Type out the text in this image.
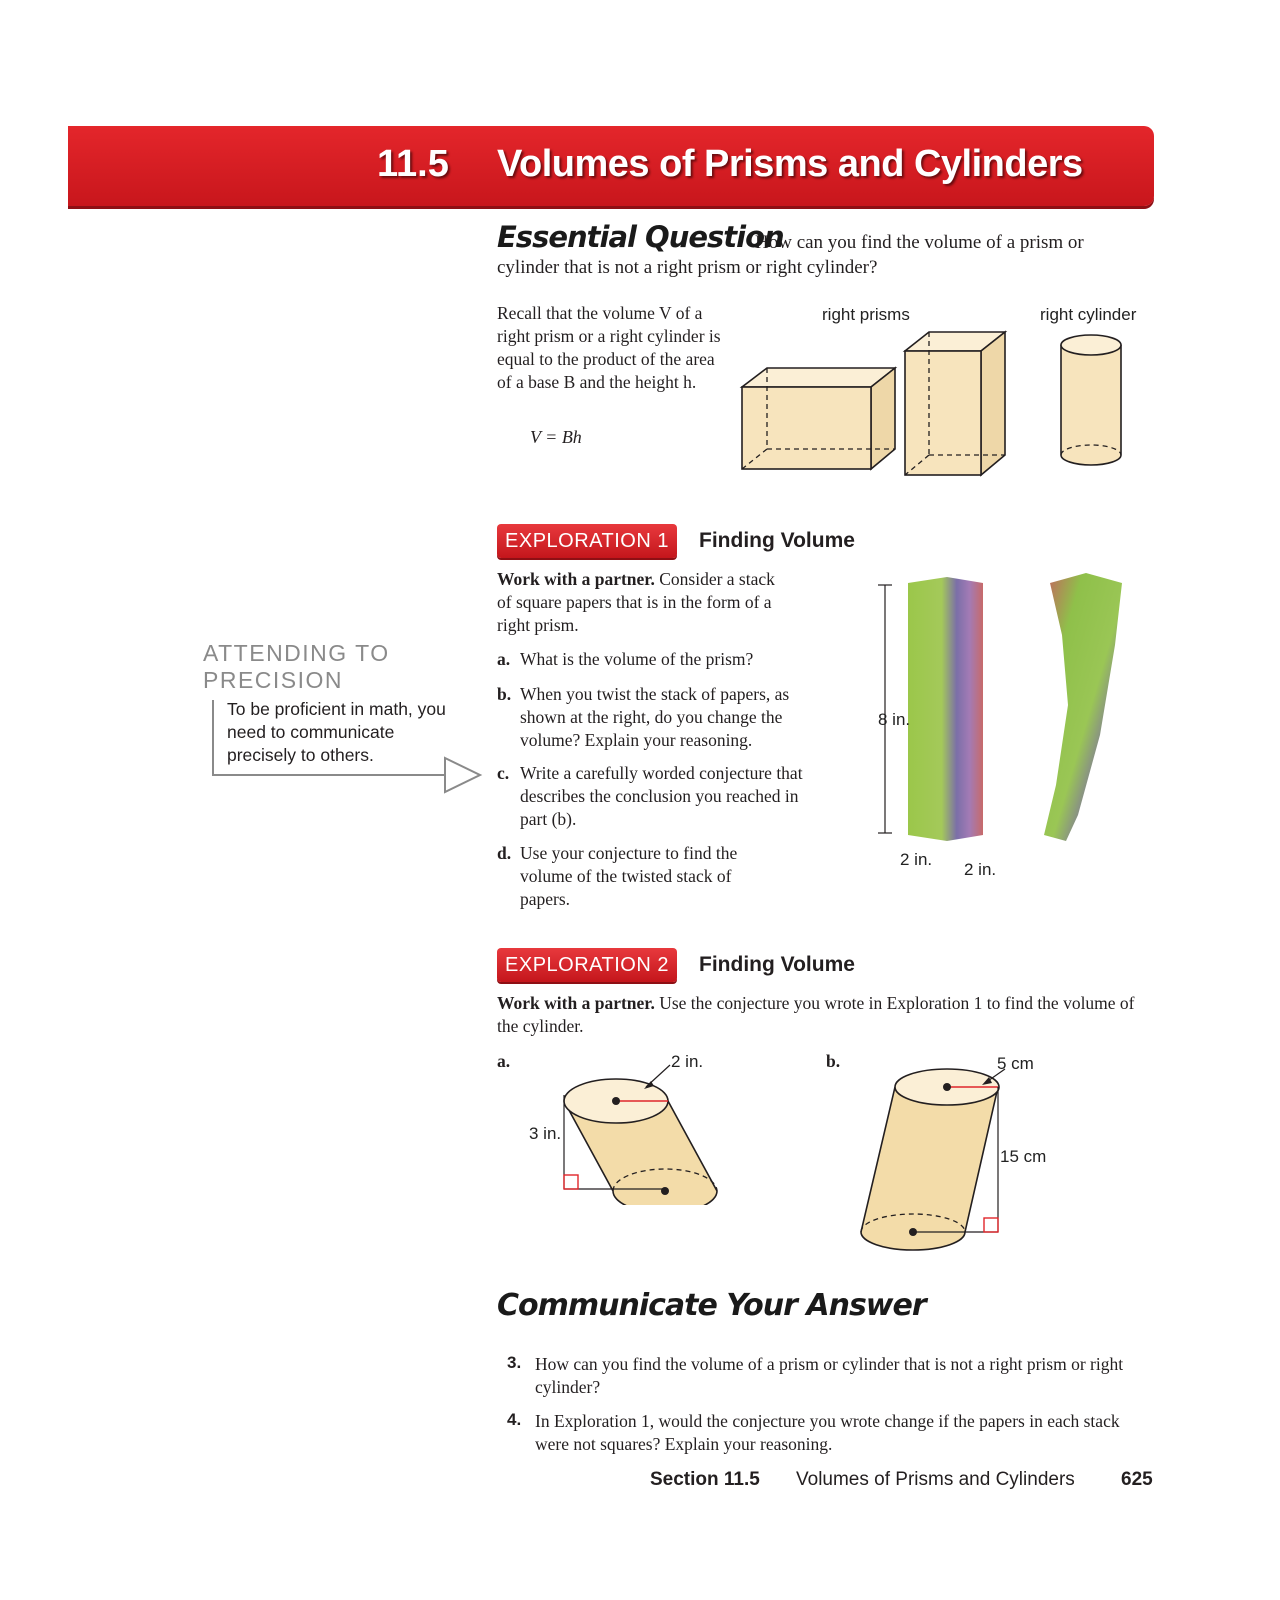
11.5 Volumes of Prisms and Cylinders
How can you find the volume of a prism or cylinder that is not a right prism or right cylinder?
Essential Question
Recall that the volume V of a right prism or a right cylinder is equal to the product of the area of a base B and the height h.
V = Bh
right prisms	right cylinder
EXPLORATION 1	Finding Volume
Work with a partner. Consider a stack of square papers that is in the form of a right prism.
a. What is the volume of the prism?
b. When you twist the stack of papers, as shown at the right, do you change the volume? Explain your reasoning.
c. Write a carefully worded conjecture that describes the conclusion you reached in part (b).
d. Use your conjecture to find the volume of the twisted stack of papers.
8 in.
2 in.
2 in.
ATTENDING TO PRECISION
To be proficient in math, you need to communicate precisely to others.
EXPLORATION 2	Finding Volume
Work with a partner. Use the conjecture you wrote in Exploration 1 to find the volume of the cylinder.
a.	b.
2 in.
3 in.
5 cm
15 cm
Communicate Your Answer
3. How can you find the volume of a prism or cylinder that is not a right prism or right cylinder?
4. In Exploration 1, would the conjecture you wrote change if the papers in each stack were not squares? Explain your reasoning.
Section 11.5 Volumes of Prisms and Cylinders 625
